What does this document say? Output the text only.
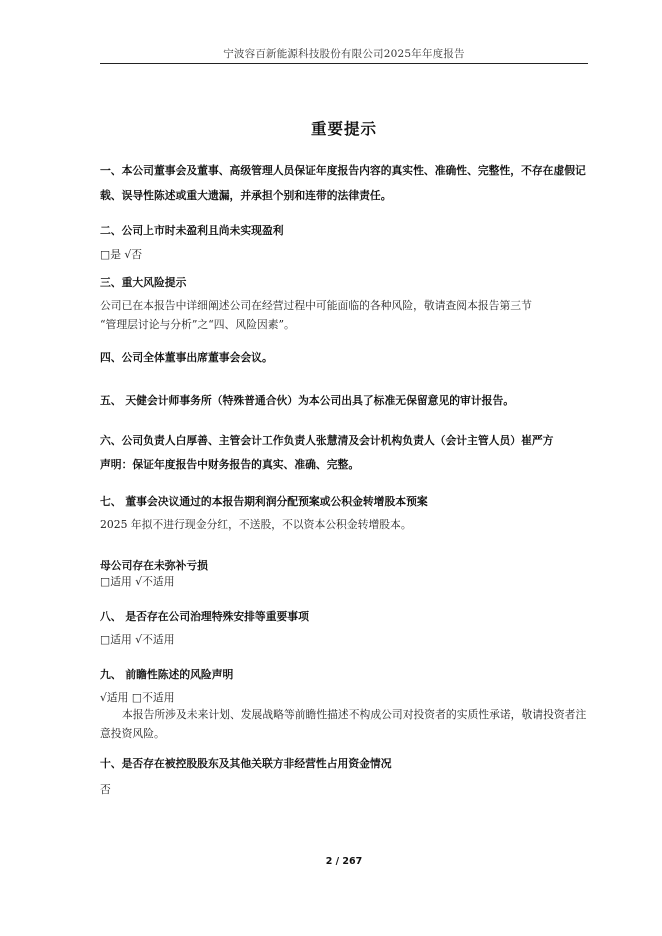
宁波容百新能源科技股份有限公司2025年年度报告
重要提示
一、本公司董事会及董事、高级管理人员保证年度报告内容的真实性、准确性、完整性，不存在虚假记载、误导性陈述或重大遗漏，并承担个别和连带的法律责任。
二、公司上市时未盈利且尚未实现盈利
□是 √否
三、重大风险提示
公司已在本报告中详细阐述公司在经营过程中可能面临的各种风险，敬请查阅本报告第三节
“管理层讨论与分析”之“四、风险因素”。
四、公司全体董事出席董事会会议。
五、 天健会计师事务所（特殊普通合伙）为本公司出具了标准无保留意见的审计报告。
六、公司负责人白厚善、主管会计工作负责人张慧清及会计机构负责人（会计主管人员）崔严方
声明：保证年度报告中财务报告的真实、准确、完整。
七、 董事会决议通过的本报告期利润分配预案或公积金转增股本预案
2025 年拟不进行现金分红，不送股，不以资本公积金转增股本。
母公司存在未弥补亏损
□适用 √不适用
八、 是否存在公司治理特殊安排等重要事项
□适用 √不适用
九、 前瞻性陈述的风险声明
√适用 □不适用
本报告所涉及未来计划、发展战略等前瞻性描述不构成公司对投资者的实质性承诺，敬请投资者注意投资风险。
十、是否存在被控股股东及其他关联方非经营性占用资金情况
否
2 / 267
